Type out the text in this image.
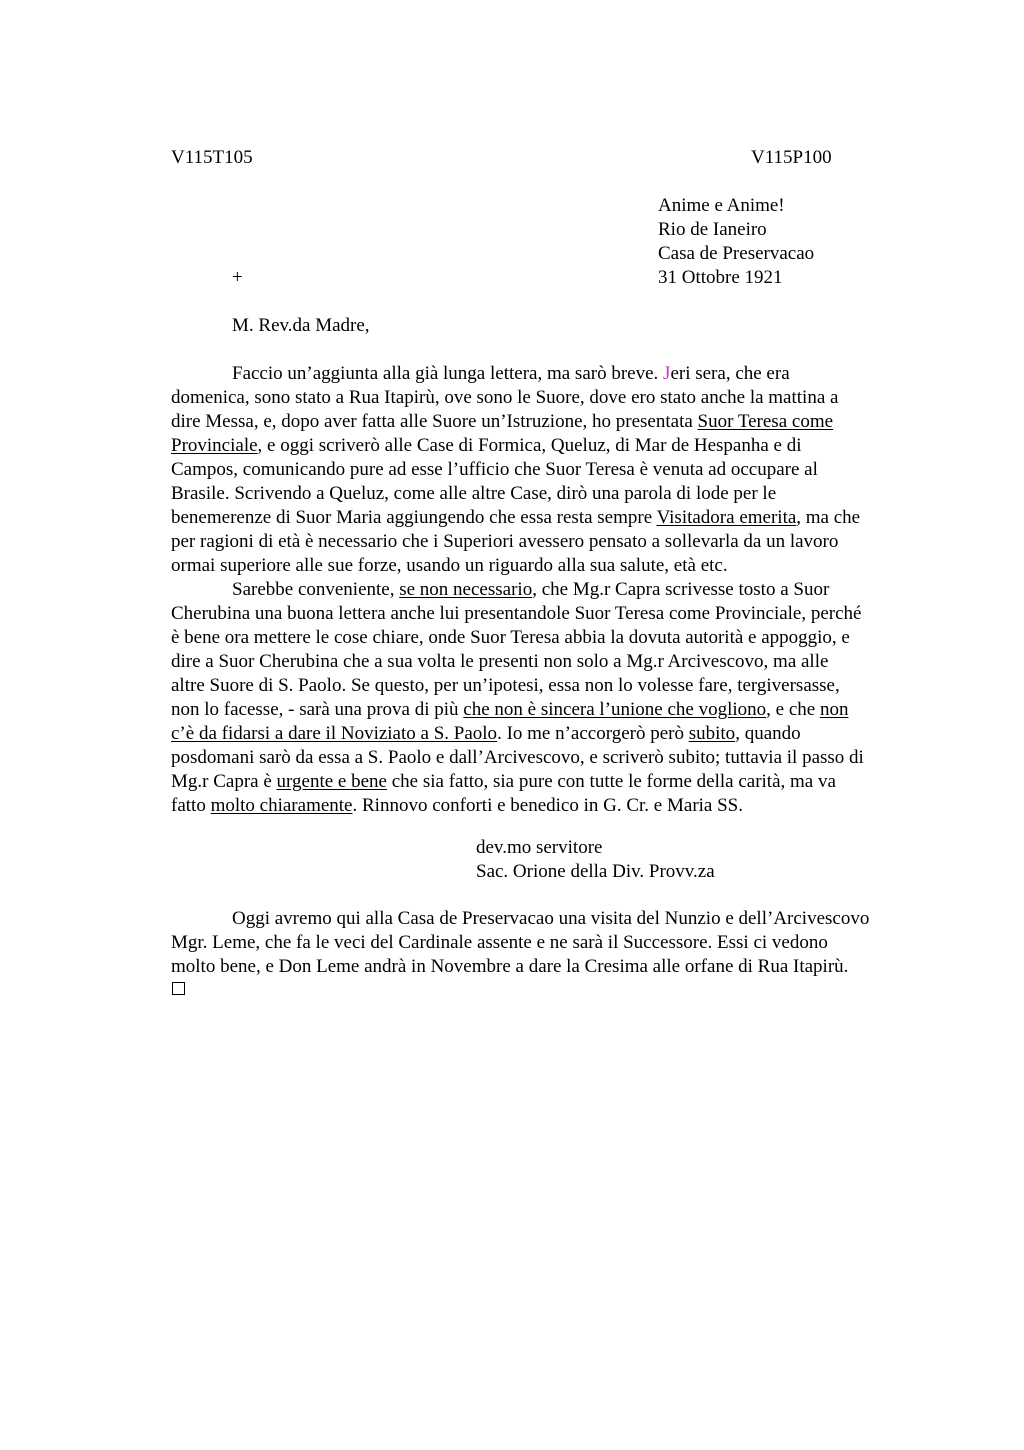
V115T105	V115P100
Anime e Anime!
Rio de Ianeiro
Casa de Preservacao
31 Ottobre 1921
+
M. Rev.da Madre,
Faccio un’aggiunta alla già lunga lettera, ma sarò breve. Jeri sera, che era
domenica, sono stato a Rua Itapirù, ove sono le Suore, dove ero stato anche la mattina a
dire Messa, e, dopo aver fatta alle Suore un’Istruzione, ho presentata Suor Teresa come
Provinciale, e oggi scriverò alle Case di Formica, Queluz, di Mar de Hespanha e di
Campos, comunicando pure ad esse l’ufficio che Suor Teresa è venuta ad occupare al
Brasile. Scrivendo a Queluz, come alle altre Case, dirò una parola di lode per le
benemerenze di Suor Maria aggiungendo che essa resta sempre Visitadora emerita, ma che
per ragioni di età è necessario che i Superiori avessero pensato a sollevarla da un lavoro
ormai superiore alle sue forze, usando un riguardo alla sua salute, età etc.
Sarebbe conveniente, se non necessario, che Mg.r Capra scrivesse tosto a Suor
Cherubina una buona lettera anche lui presentandole Suor Teresa come Provinciale, perché
è bene ora mettere le cose chiare, onde Suor Teresa abbia la dovuta autorità e appoggio, e
dire a Suor Cherubina che a sua volta le presenti non solo a Mg.r Arcivescovo, ma alle
altre Suore di S. Paolo. Se questo, per un’ipotesi, essa non lo volesse fare, tergiversasse,
non lo facesse, - sarà una prova di più che non è sincera l’unione che vogliono, e che non
c’è da fidarsi a dare il Noviziato a S. Paolo. Io me n’accorgerò però subito, quando
posdomani sarò da essa a S. Paolo e dall’Arcivescovo, e scriverò subito; tuttavia il passo di
Mg.r Capra è urgente e bene che sia fatto, sia pure con tutte le forme della carità, ma va
fatto molto chiaramente. Rinnovo conforti e benedico in G. Cr. e Maria SS.
dev.mo servitore
Sac. Orione della Div. Provv.za
Oggi avremo qui alla Casa de Preservacao una visita del Nunzio e dell’Arcivescovo
Mgr. Leme, che fa le veci del Cardinale assente e ne sarà il Successore. Essi ci vedono
molto bene, e Don Leme andrà in Novembre a dare la Cresima alle orfane di Rua Itapirù.
